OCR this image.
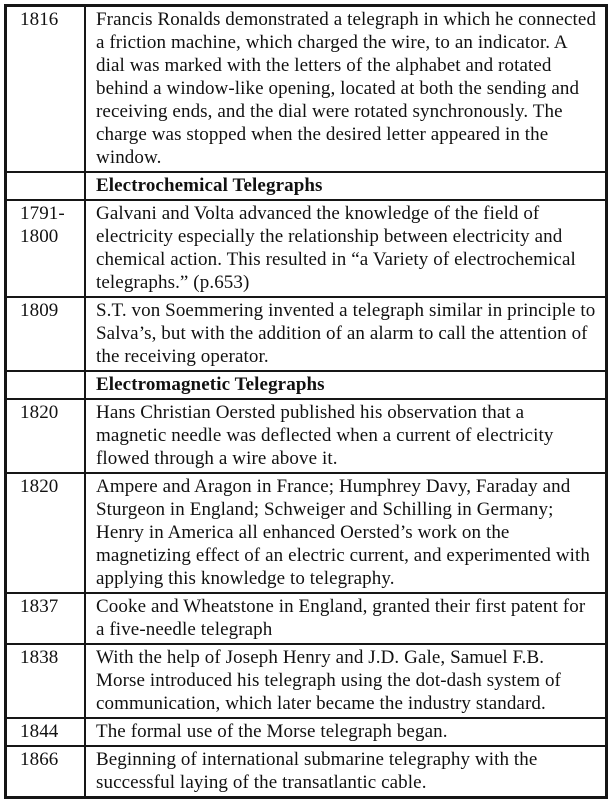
1816	Francis Ronalds demonstrated a telegraph in which he connected a friction machine, which charged the wire, to an indicator. A dial was marked with the letters of the alphabet and rotated behind a window-like opening, located at both the sending and receiving ends, and the dial were rotated synchronously. The charge was stopped when the desired letter appeared in the window.
	Electrochemical Telegraphs
1791-1800	Galvani and Volta advanced the knowledge of the field of electricity especially the relationship between electricity and chemical action. This resulted in “a Variety of electrochemical telegraphs.” (p.653)
1809	S.T. von Soemmering invented a telegraph similar in principle to Salva’s, but with the addition of an alarm to call the attention of the receiving operator.
	Electromagnetic Telegraphs
1820	Hans Christian Oersted published his observation that a magnetic needle was deflected when a current of electricity flowed through a wire above it.
1820	Ampere and Aragon in France; Humphrey Davy, Faraday and Sturgeon in England; Schweiger and Schilling in Germany; Henry in America all enhanced Oersted’s work on the magnetizing effect of an electric current, and experimented with applying this knowledge to telegraphy.
1837	Cooke and Wheatstone in England, granted their first patent for a five-needle telegraph
1838	With the help of Joseph Henry and J.D. Gale, Samuel F.B. Morse introduced his telegraph using the dot-dash system of communication, which later became the industry standard.
1844	The formal use of the Morse telegraph began.
1866	Beginning of international submarine telegraphy with the successful laying of the transatlantic cable.
